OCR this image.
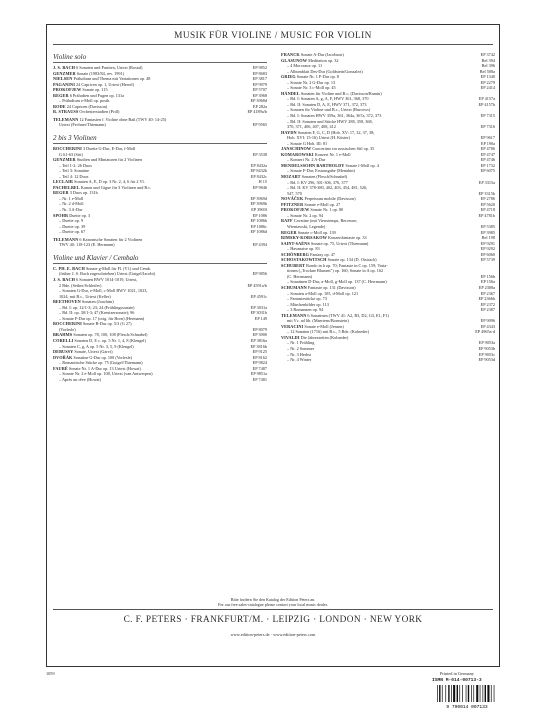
MUSIK FÜR VIOLINE / MUSIC FOR VIOLIN
Violine solo
J. S. BACH 6 Sonaten und Partiten, Urtext (Rostal)	EP 9852
GENZMER Sonate (1983/84, rev. 1991)	EP 8683
NIELSEN Präludium und Thema mit Variationen op. 48	EP 3817
PAGANINI 24 Capricen op. 1, Urtext (Herrel)	EP 9979
PROKOFJEW Sonate op. 115	EP 5707
REGER 6 Präludien und Fugen op. 131a	EP 3968
– Präludium e-Moll op. posth.	EP 3968d
RODE 24 Capricen (Davisson)	EP 282a
R. STRAUSS Orchesterstudien (Prill)	EP 4189a/b
TELEMANN 12 Fantasien f. Violine ohne Baß (TWV 40: 14-25)
Urtext (Fechner/Thiemann)	EP 9565
2 bis 3 Violinen
BOCCHERINI 3 Duette G-Dur, E-Dur, f-Moll
G 61-63 (Sitt)	EP 3538
GENZMER Studien und Miniaturen für 2 Violinen
– Teil 1-2: 26 Duos	EP 8432a
– Teil 3: Sonatine	EP 8432b
– Teil 4: 12 Duos	EP 8432c
LECLAIR Sonaten A, E, D op. 3 Nr. 2, 4, 6 für 2 Vl.	H 15
PACHELBEL Kanon und Gigue für 3 Violinen und B.c.	EP 9846
REGER 3 Duos op. 131b
– Nr. 1 e-Moll	EP 3969d
– Nr. 2 d-Moll	EP 3969b
– Nr. 3 A-Dur	EP 3969f
SPOHR Duette op. 3	EP 1086
– Duette op. 9	EP 1086b
– Duette op. 39	EP 1086c
– Duette op. 67	EP 1086d
TELEMANN 6 Kanonische Sonaten für 2 Violinen
TWV 40: 118-123 (E. Hermann)	EP 4394
Violine und Klavier / Cembalo
C. PH. E. BACH Sonate g-Moll für Fl. (Vl.) und Cemb.
(früher J. S. Bach zugeschrieben) Urtext (Guigel/Jacobi)	EP 9856
J. S. BACH 6 Sonaten BWV 1014-1019, Urtext,
2 Bde. (Seiber/Schleifer)	EP 4591a/b
– Sonaten G-Dur, e-Moll, c-Moll BWV 1021, 1023,
1024, mit B.c., Urtext (Keller)	EP 4591c
BEETHOVEN Sonaten (Joachim)
– Bd. I: op. 12/1-3; 23; 24 (Frühlingssonate)	EP 3031a
– Bd. II: op. 30/1-3; 47 (Kreutzersonate); 96	EP 3031b
– Sonate F-Dur op. 17 (orig. für Horn) (Hermann)	EP 149
BOCCHERINI Sonate B-Dur op. 5/3 (G 27)
(Vorlesle)	EP 8079
BRAHMS Sonaten op. 78, 100, 108 (Flesch/Schnabel)	EP 3900
CORELLI Sonaten D, E c. op. 5 Nr. 1, 4, 8 (Klengel)	EP 3816a
– Sonaten C, g, A op. 5 Nr. 3, 5, 9 (Klengel)	EP 3816b
DEBUSSY Sonate, Urtext (Garvi)	EP 9125
DVOŘÁK Sonatine G-Dur op. 100 (Vorlesle)	EP 8162
– Romantische Stücke op. 75 (Guigel/Thiemann)	EP 9824
FAURÉ Sonate Nr. 1 A-Dur op. 13 Urtext (Howat)	EP 7487
– Sonate Nr. 2 e-Moll op. 108, Urtext (van Antwerpen)	EP 9851a
– Après un rêve (Howat)	EP 7481
FRANCK Sonate A-Dur (Jacobson)	EP 3742
GLASUNOW Meditation op. 32	Bel 394
– 4 Morceaux op. 11	Bel 396
– Albumblatt Des-Dur (Goldstein/Gonzalez)	Bel 508a
GRIEG Sonate Nr. 1 F-Dur op. 8	EP 1340
– Sonate Nr. 2 G-Dur op. 13	EP 2279
– Sonate Nr. 3 c-Moll op. 45	EP 2414
HÄNDEL Sonaten für Violine und B.c. (Davisson/Ramin)
– Bd. I: Sonaten A, g, A, F, HWV 361, 368, 370	EP 4157a
– Bd. II: Sonaten D, A, E, HWV 371, 372, 373	EP 4157b
– Sonaten für Violine und B.c., Urtext (Burrows)
– Bd. I: Sonaten HWV 359a, 361, 364a, 367a, 372, 373	EP 7315
– Bd. II: Sonaten und Stücke HWV 288, 358, 368,
370, 371, 406, 407, 408, 412	EP 7316
HAYDN Sonaten F, G, C, D (Hob. XV: 17, 32, 37, 38;
Hob. XVI: 15-16) Urtext (H. Küster)	EP 9617
– Sonate G Hob. III: 81	EP 190a
JANSCHINOW Concertino im russischen Stil op. 35	EP 4786
KOMAROWSKI Konzert Nr. 1 e-Moll	EP 4747
– Konzert Nr. 2 A-Dur	EP 4746
MENDELSSOHN BARTHOLDY Sonate f-Moll op. 4	EP 1732
– Sonate F-Dur, Erstausgabe (Menuhin)	EP 6075
MOZART Sonaten (Flesch/Schnabel)
– Bd. I: KV 296, 301-306, 376, 377	EP 3315a
– Bd. II: KV 378-380, 402, 403, 454, 481, 526,
547, 570	EP 3315b
NOVÁČEK Perpetuum mobile (Davisson)	EP 2786
PFITZNER Sonate e-Moll op. 27	EP 5620
PROKOFJEW Sonate Nr. 1 op. 80	EP 4718
– Sonate Nr. 2 op. 94	EP 4781b
RAFF Cavatine (mit Vieuxtemps, Berceuse;
Wieniawski, Legende)	EP 5385
REGER Sonate c-Moll op. 139	EP 3985
RIMSKY-KORSAKOW Konzertfantasie op. 33	Bel 198
SAINT-SAËNS Sonate op. 75, Urtext (Thiemann)	EP 9291
– Havanaise op. 83	EP 9292
SCHÖNBERG Fantasy op. 47	EP 6060
SCHOSTAKOWITSCH Sonate op. 134 (D. Oistrach)	EP 5739
SCHUBERT Rondo in h op. 70; Fantasie in C op. 159; Varia-
tionen („Trockne Blumen") op. 160; Sonate in A op. 162
(C. Herrmann)	EP 156b
– Sonatinen D-Dur, a-Moll, g-Moll op. 137 (C. Herrmann)	EP 156a
SCHUMANN Fantasie op. 131 (Davisson)	EP 2308a
– Sonaten a-Moll op. 105, d-Moll op. 121	EP 2367
– Fantasiestücke op. 73	EP 2366b
– Märchenbilder op. 113	EP 2372
– 3 Romanzen op. 94	EP 2387
TELEMANN 6 Sonatinen (TWV 41: A2, B3, D2, G3, E1, F1)
mit Vc. ad lib. (Maertens/Bornstein)	EP 9096
VERACINI Sonate e-Moll (Jensen)	EP 4343
– 12 Sonaten (1716) mit B.c., 5 Bde. (Kolneder)	EP 4965a-d
VIVALDI Die Jahreszeiten (Kolneder)
– Nr. 1 Frühling	EP 9053a
– Nr. 2 Sommer	EP 9053b
– Nr. 3 Herbst	EP 9053c
– Nr. 4 Winter	EP 9053d
Bitte fordern Sie den Katalog der Edition Peters an.
For our free sales-catalogue please contact your local music dealer.
C. F. PETERS · FRANKFURT/M. · LEIPZIG · LONDON · NEW YORK
www.edition-peters.de · www.edition-peters.com
1059	Printed in Germany
ISMN M-014-00713-3
9 790014 007133
